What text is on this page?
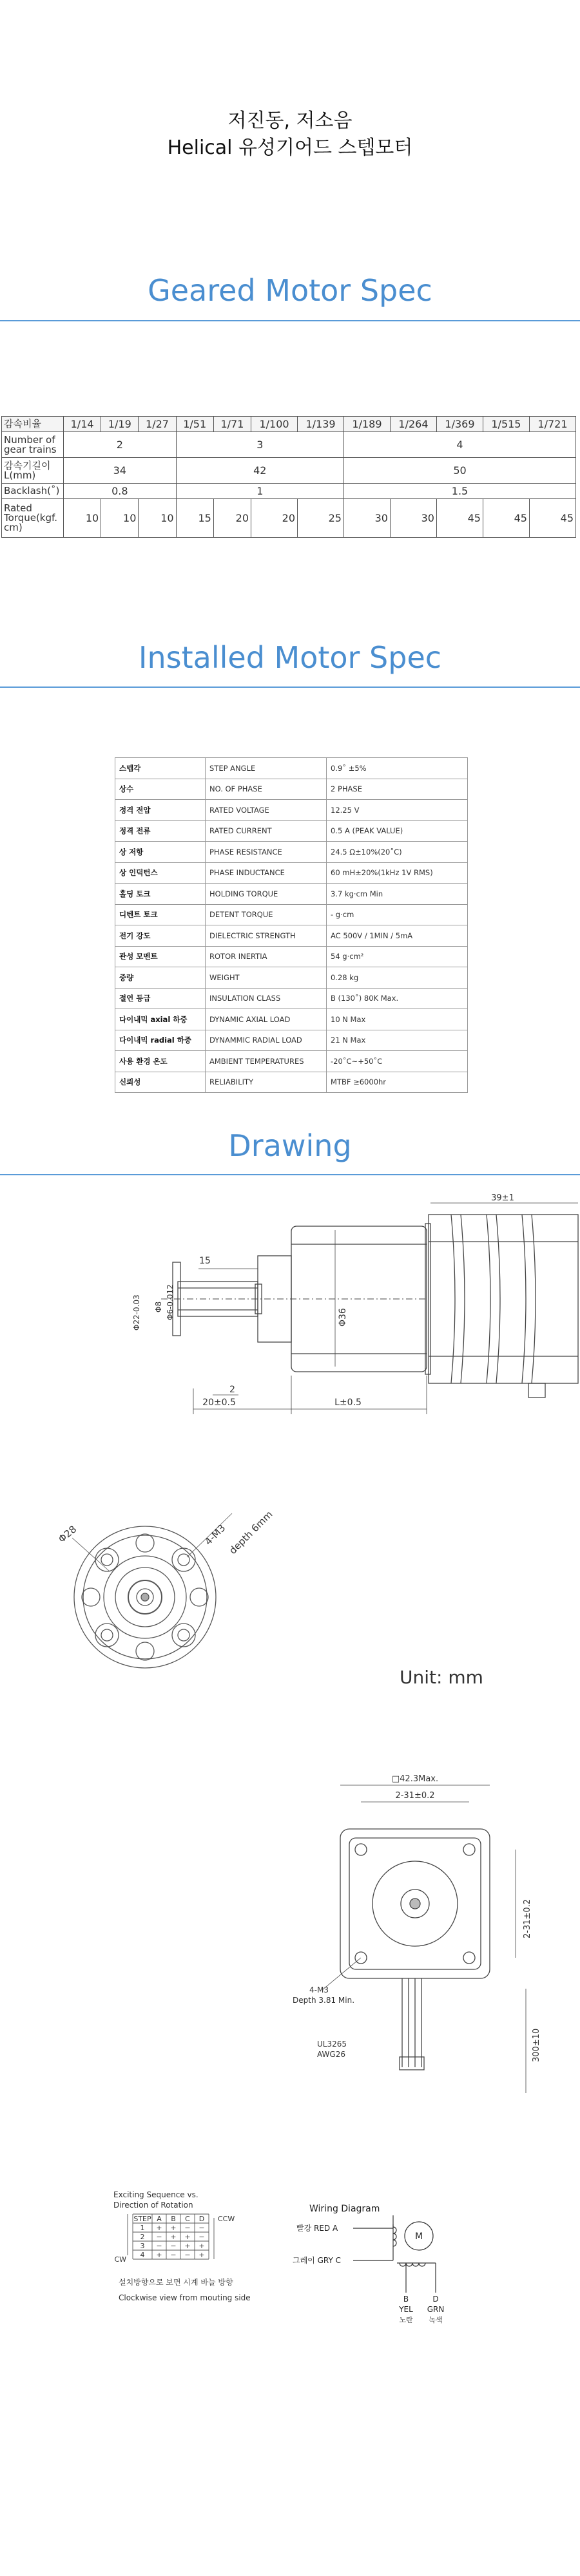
저진동, 저소음
Helical 유성기어드 스텝모터
Geared Motor Spec
감속비율	1/14	1/19	1/27	1/51	1/71	1/100	1/139	1/189	1/264	1/369	1/515	1/721
Number of gear trains	2			3				4				
감속기길이 L(mm)	34			42				50				
Backlash(˚)	0.8			1				1.5				
Rated Torque(kgf. cm)	10	10	10	15	20	20	25	30	30	45	45	45
Installed Motor Spec
스텝각	STEP ANGLE	0.9˚ ±5%
상수	NO. OF PHASE	2 PHASE
정격 전압	RATED VOLTAGE	12.25 V
정격 전류	RATED CURRENT	0.5 A (PEAK VALUE)
상 저항	PHASE RESISTANCE	24.5 Ω±10%(20˚C)
상 인덕턴스	PHASE INDUCTANCE	60 mH±20%(1kHz 1V RMS)
홀딩 토크	HOLDING TORQUE	3.7 kg·cm Min
디텐트 토크	DETENT TORQUE	- g·cm
전기 강도	DIELECTRIC STRENGTH	AC 500V / 1MIN / 5mA
관성 모멘트	ROTOR INERTIA	54 g·cm²
중량	WEIGHT	0.28 kg
절연 등급	INSULATION CLASS	B (130˚) 80K Max.
다이내믹 axial 하중	DYNAMIC AXIAL LOAD	10 N Max
다이내믹 radial 하중	DYNAMMIC RADIAL LOAD	21 N Max
사용 환경 온도	AMBIENT TEMPERATURES	-20˚C~+50˚C
신뢰성	RELIABILITY	MTBF ≥6000hr
Drawing
39±1
15
Φ36
Φ22-0.03 Φ8 Φ6-0.012
2
20±0.5	L±0.5
Φ28	4-M3
depth 6mm
Unit: mm
□42.3Max.
2-31±0.2
2-31±0.2
300±10
4-M3
Depth 3.81 Min.
UL3265
AWG26
Exciting Sequence vs.
Direction of Rotation
STEP A B C D
1 + + − −
2 − + + −
3 − − + +
4 + − − +
CCW
CW
설치방향으로 보면 시계 바늘 방향
Clockwise view from mouting side
Wiring Diagram
빨강 RED A
그레이 GRY C
M
B	D
YEL GRN
노란 녹색
